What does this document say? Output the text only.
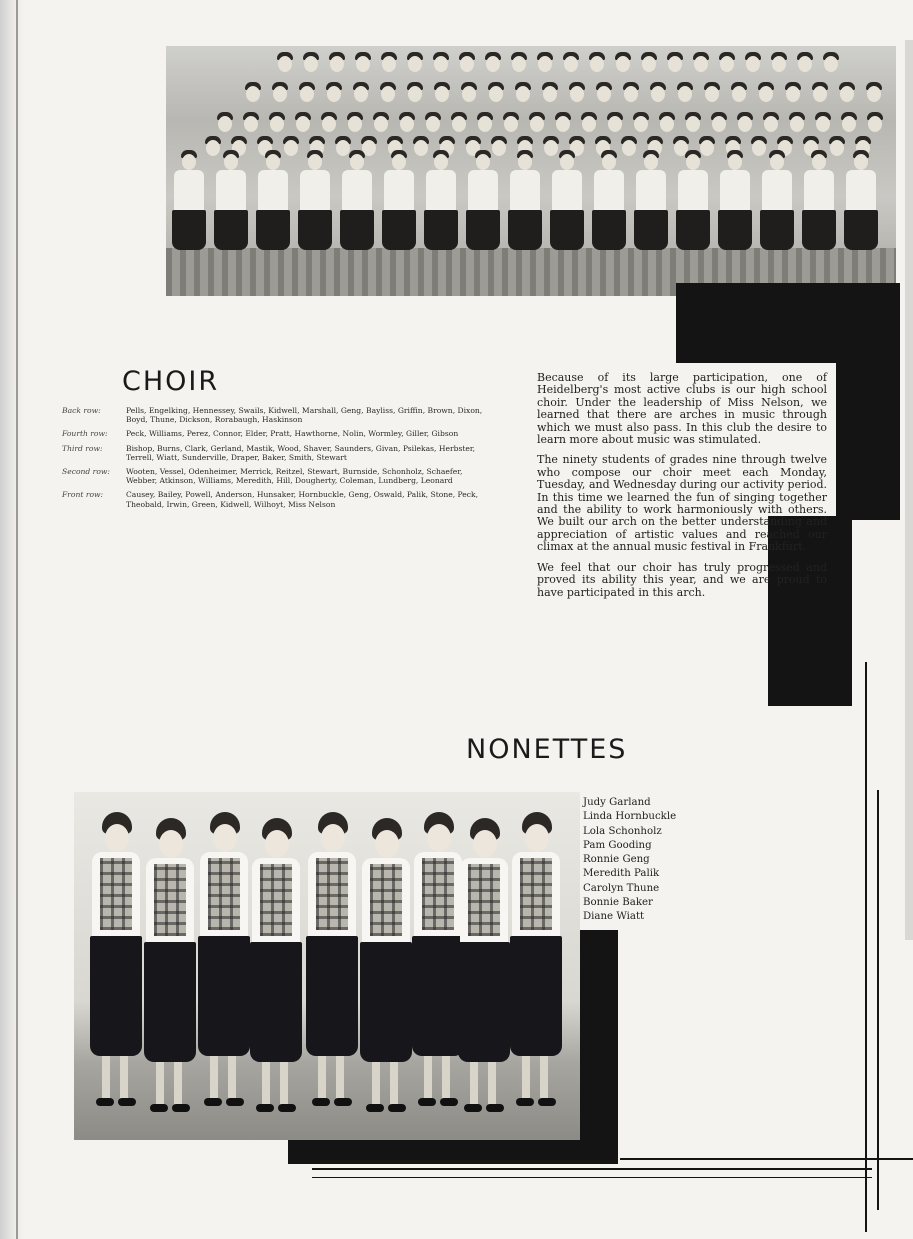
CHOIR
Back row:	Pells, Engelking, Hennessey, Swails, Kidwell, Marshall, Geng, Bayliss, Griffin, Brown, Dixon, Boyd, Thune, Dickson, Rorabaugh, Haskinson
Fourth row:	Peck, Williams, Perez, Connor, Elder, Pratt, Hawthorne, Nolin, Wormley, Giller, Gibson
Third row:	Bishop, Burns, Clark, Gerland, Mastik, Wood, Shaver, Saunders, Givan, Psilekas, Herbster, Terrell, Wiatt, Sunderville, Draper, Baker, Smith, Stewart
Second row:	Wooten, Vessel, Odenheimer, Merrick, Reitzel, Stewart, Burnside, Schonholz, Schaefer, Webber, Atkinson, Williams, Meredith, Hill, Dougherty, Coleman, Lundberg, Leonard
Front row:	Causey, Bailey, Powell, Anderson, Hunsaker, Hornbuckle, Geng, Oswald, Palik, Stone, Peck, Theobald, Irwin, Green, Kidwell, Wilhoyt, Miss Nelson

Because of its large participation, one of Heidelberg's most active clubs is our high school choir. Under the leadership of Miss Nelson, we learned that there are arches in music through which we must also pass. In this club the desire to learn more about music was stimulated.

The ninety students of grades nine through twelve who compose our choir meet each Monday, Tuesday, and Wednesday during our activity period. In this time we learned the fun of singing together and the ability to work harmoniously with others. We built our arch on the better understanding and appreciation of artistic values and reached our climax at the annual music festival in Frankfurt.

We feel that our choir has truly progressed and proved its ability this year, and we are proud to have participated in this arch.

NONETTES
Judy Garland
Linda Hornbuckle
Lola Schonholz
Pam Gooding
Ronnie Geng
Meredith Palik
Carolyn Thune
Bonnie Baker
Diane Wiatt
